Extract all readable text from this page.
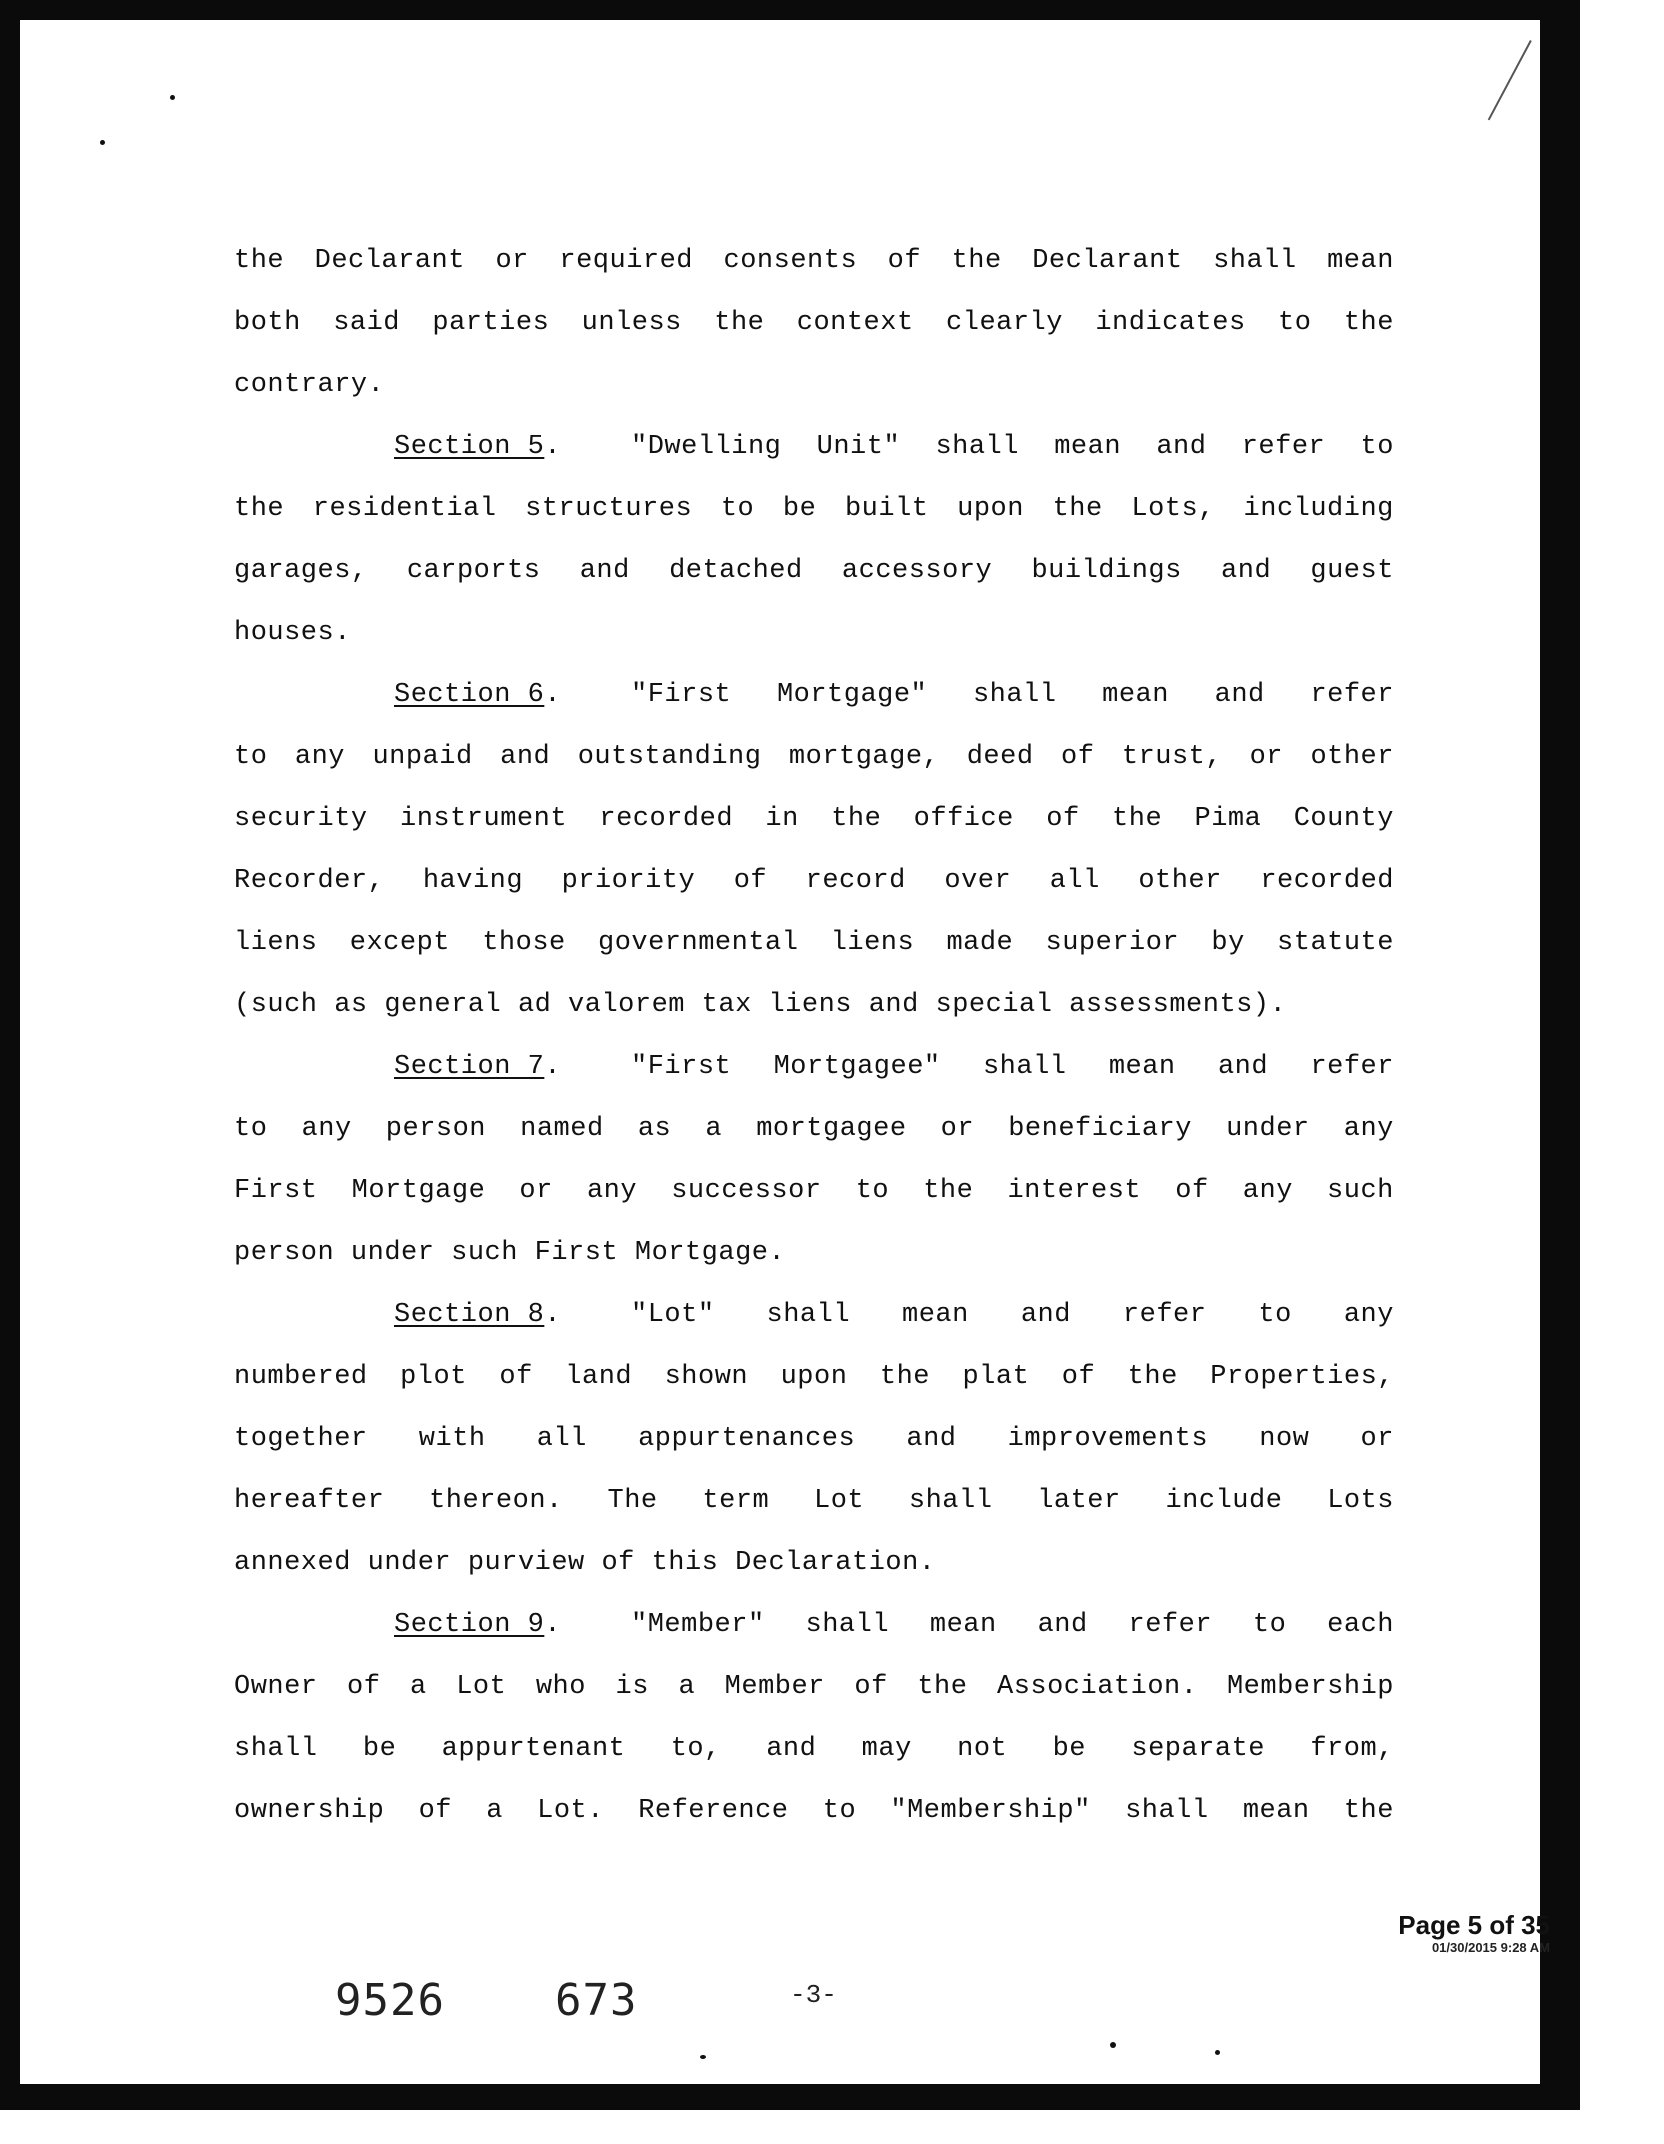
the Declarant or required consents of the Declarant shall mean
both said parties unless the context clearly indicates to the
contrary.
Section 5 .	"Dwelling Unit" shall mean and refer to
the residential structures to be built upon the Lots, including
garages, carports and detached accessory buildings and guest
houses.
Section 6 .	"First Mortgage" shall mean and refer
to any unpaid and outstanding mortgage, deed of trust, or other
security instrument recorded in the office of the Pima County
Recorder, having priority of record over all other recorded
liens except those governmental liens made superior by statute
(such as general ad valorem tax liens and special assessments).
Section 7 .	"First Mortgagee" shall mean and refer
to any person named as a mortgagee or beneficiary under any
First Mortgage or any successor to the interest of any such
person under such First Mortgage.
Section 8 .	"Lot" shall mean and refer to any
numbered plot of land shown upon the plat of the Properties,
together with all appurtenances and improvements now or
hereafter thereon. The term Lot shall later include Lots
annexed under purview of this Declaration.
Section 9 .	"Member" shall mean and refer to each
Owner of a Lot who is a Member of the Association. Membership
shall be appurtenant to, and may not be separate from,
ownership of a Lot. Reference to "Membership" shall mean the
Page 5 of 35
01/30/2015 9:28 AM
9526	673	-3-
